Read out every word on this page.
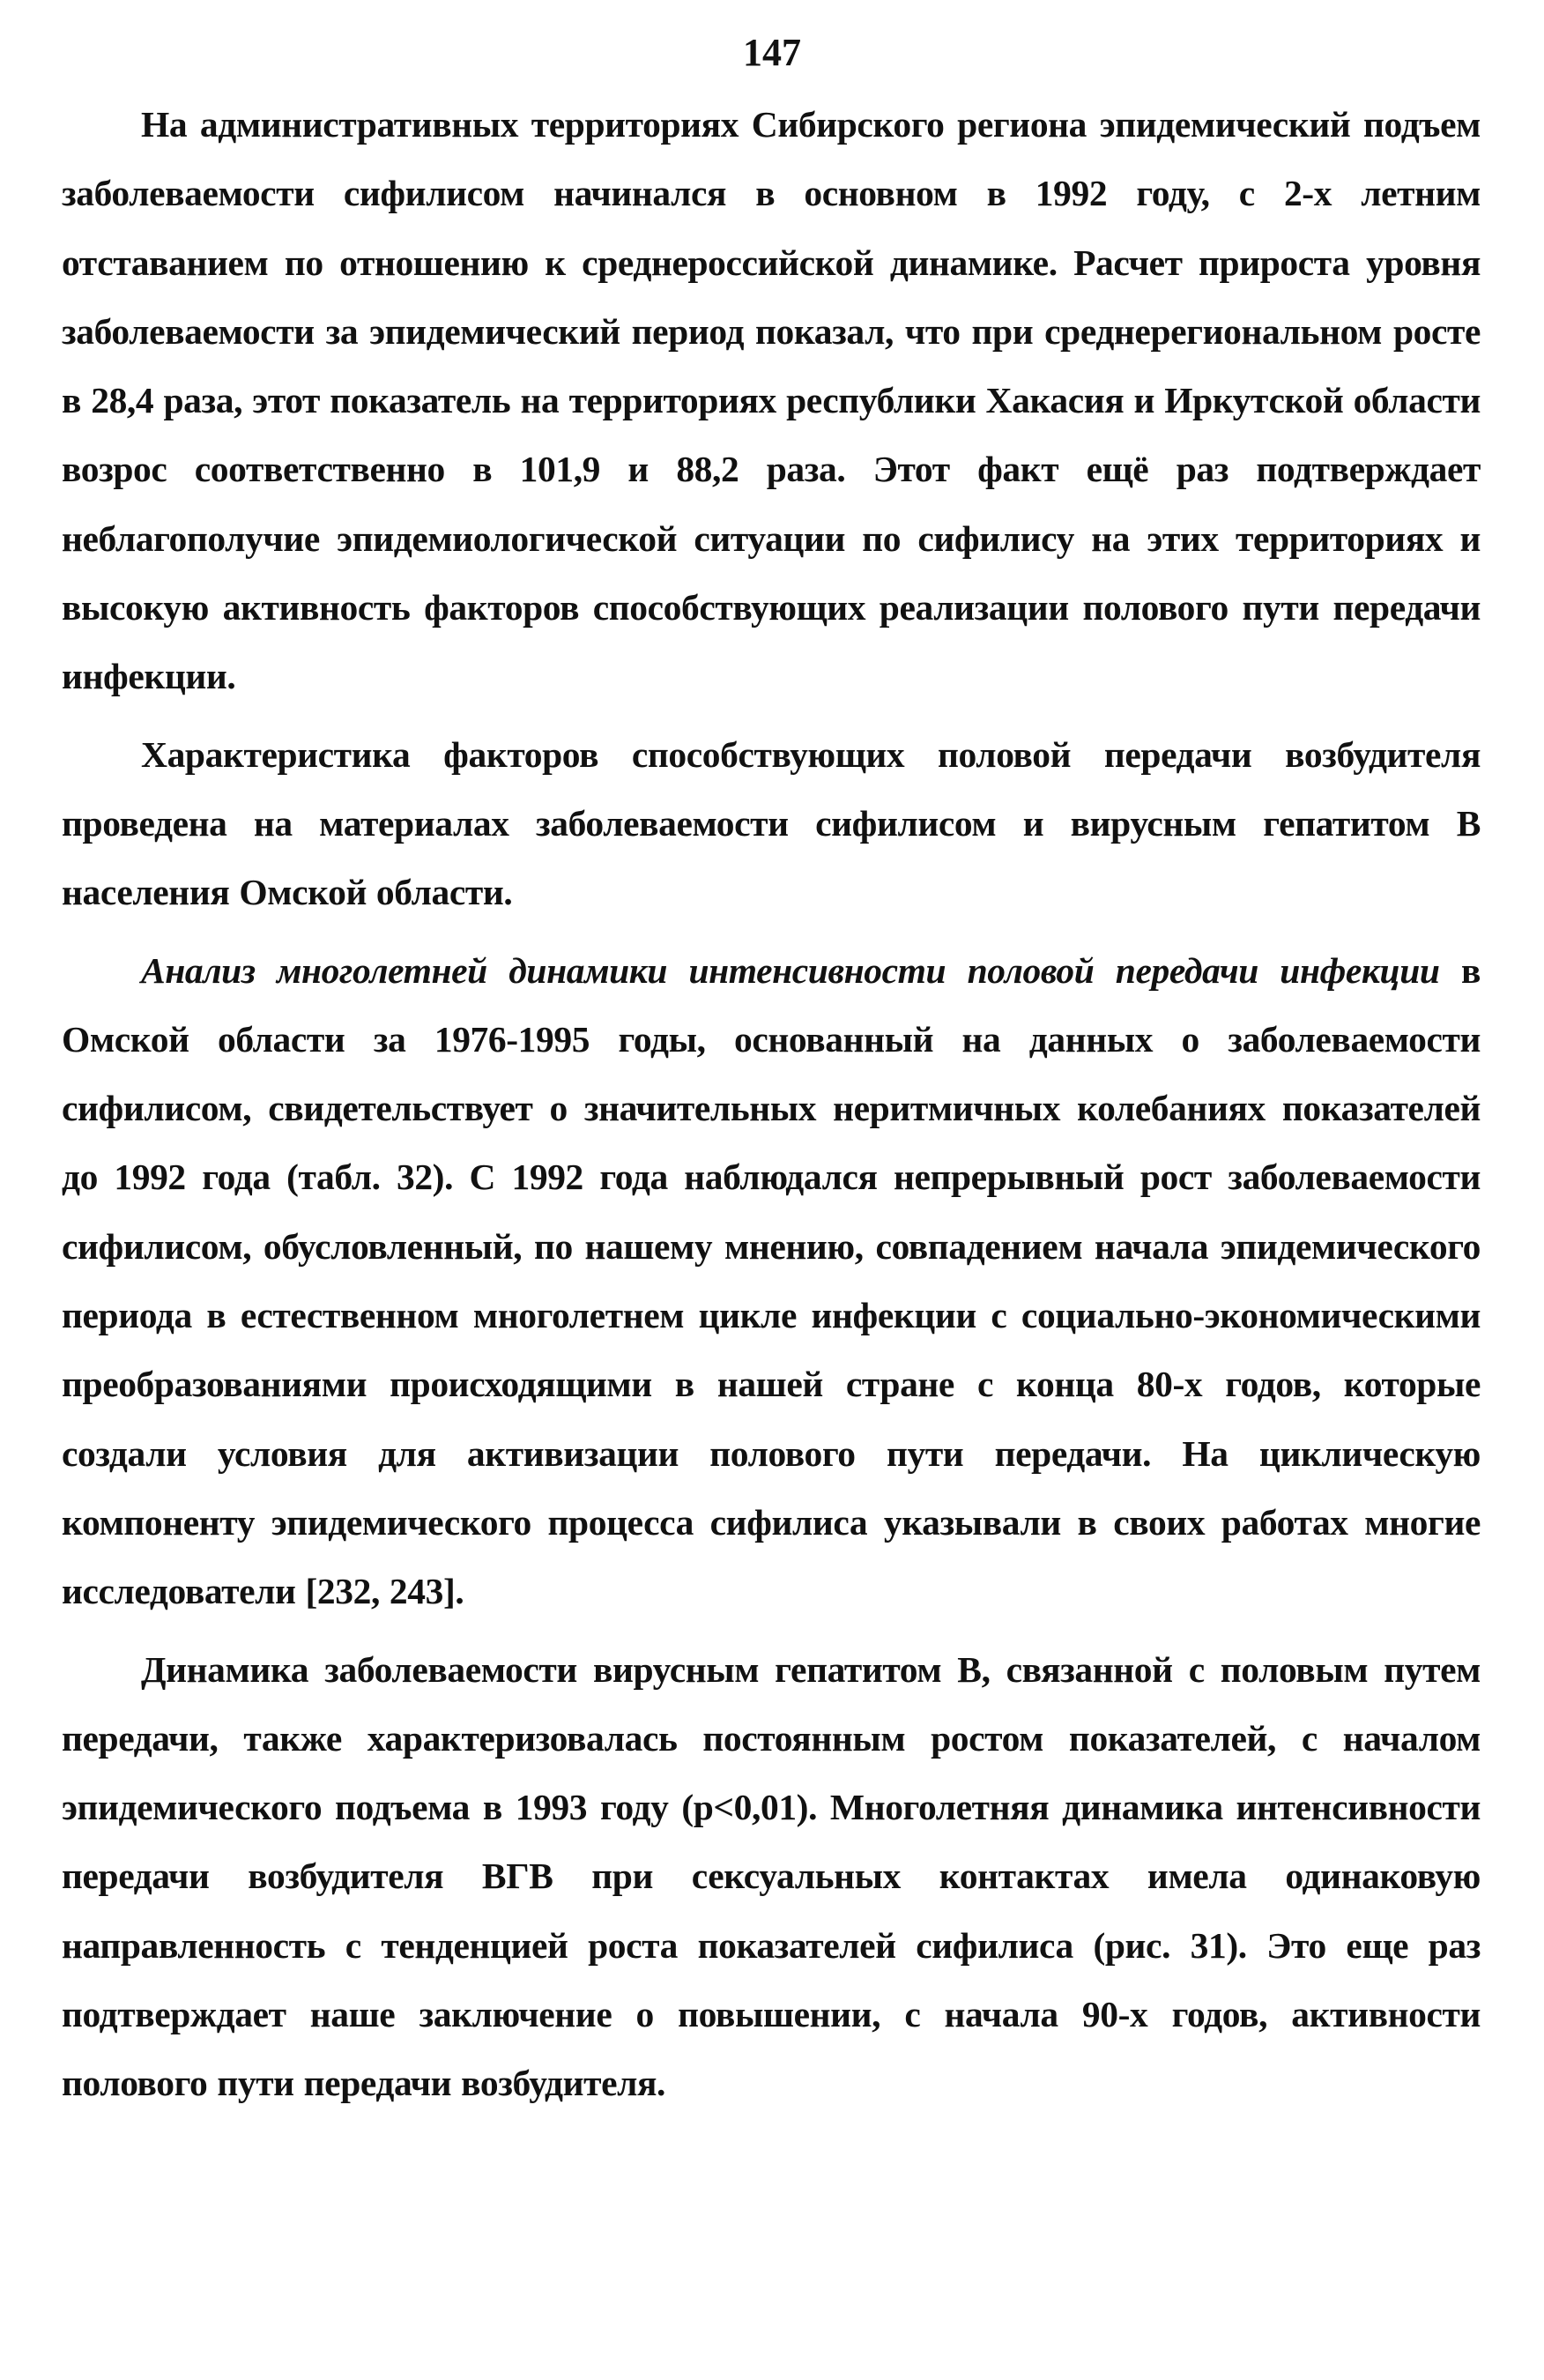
147

На административных территориях Сибирского региона эпидемический подъем заболеваемости сифилисом начинался в основном в 1992 году, с 2-х летним отставанием по отношению к среднероссийской динамике. Расчет прироста уровня заболеваемости за эпидемический период показал, что при среднерегиональном росте в 28,4 раза, этот показатель на территориях республики Хакасия и Иркутской области возрос соответственно в 101,9 и 88,2 раза. Этот факт ещё раз подтверждает неблагополучие эпидемиологической ситуации по сифилису на этих территориях и высокую активность факторов способствующих реализации полового пути передачи инфекции.

Характеристика факторов способствующих половой передачи возбудителя проведена на материалах заболеваемости сифилисом и вирусным гепатитом В населения Омской области.

Анализ многолетней динамики интенсивности половой передачи инфекции в Омской области за 1976-1995 годы, основанный на данных о заболеваемости сифилисом, свидетельствует о значительных неритмичных колебаниях показателей до 1992 года (табл. 32). С 1992 года наблюдался непрерывный рост заболеваемости сифилисом, обусловленный, по нашему мнению, совпадением начала эпидемического периода в естественном многолетнем цикле инфекции с социально-экономическими преобразованиями происходящими в нашей стране с конца 80-х годов, которые создали условия для активизации полового пути передачи. На циклическую компоненту эпидемического процесса сифилиса указывали в своих работах многие исследователи [232, 243].

Динамика заболеваемости вирусным гепатитом В, связанной с половым путем передачи, также характеризовалась постоянным ростом показателей, с началом эпидемического подъема в 1993 году (р<0,01). Многолетняя динамика интенсивности передачи возбудителя ВГВ при сексуальных контактах имела одинаковую направленность с тенденцией роста показателей сифилиса (рис. 31). Это еще раз подтверждает наше заключение о повышении, с начала 90-х годов, активности полового пути передачи возбудителя.
